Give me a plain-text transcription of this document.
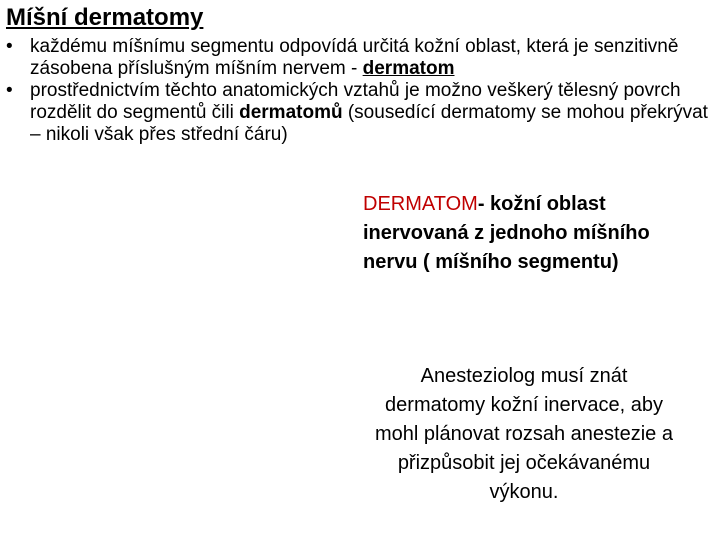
Míšní dermatomy
• každému míšnímu segmentu odpovídá určitá kožní oblast, která je senzitivně zásobena příslušným míšním nervem - dermatom
• prostřednictvím těchto anatomických vztahů je možno veškerý tělesný povrch rozdělit do segmentů čili dermatomů (sousedící dermatomy se mohou překrývat – nikoli však přes střední čáru)
DERMATOM- kožní oblast inervovaná z jednoho míšního nervu ( míšního segmentu)
Anesteziolog musí znát dermatomy kožní inervace, aby mohl plánovat rozsah anestezie a přizpůsobit jej očekávanému výkonu.
